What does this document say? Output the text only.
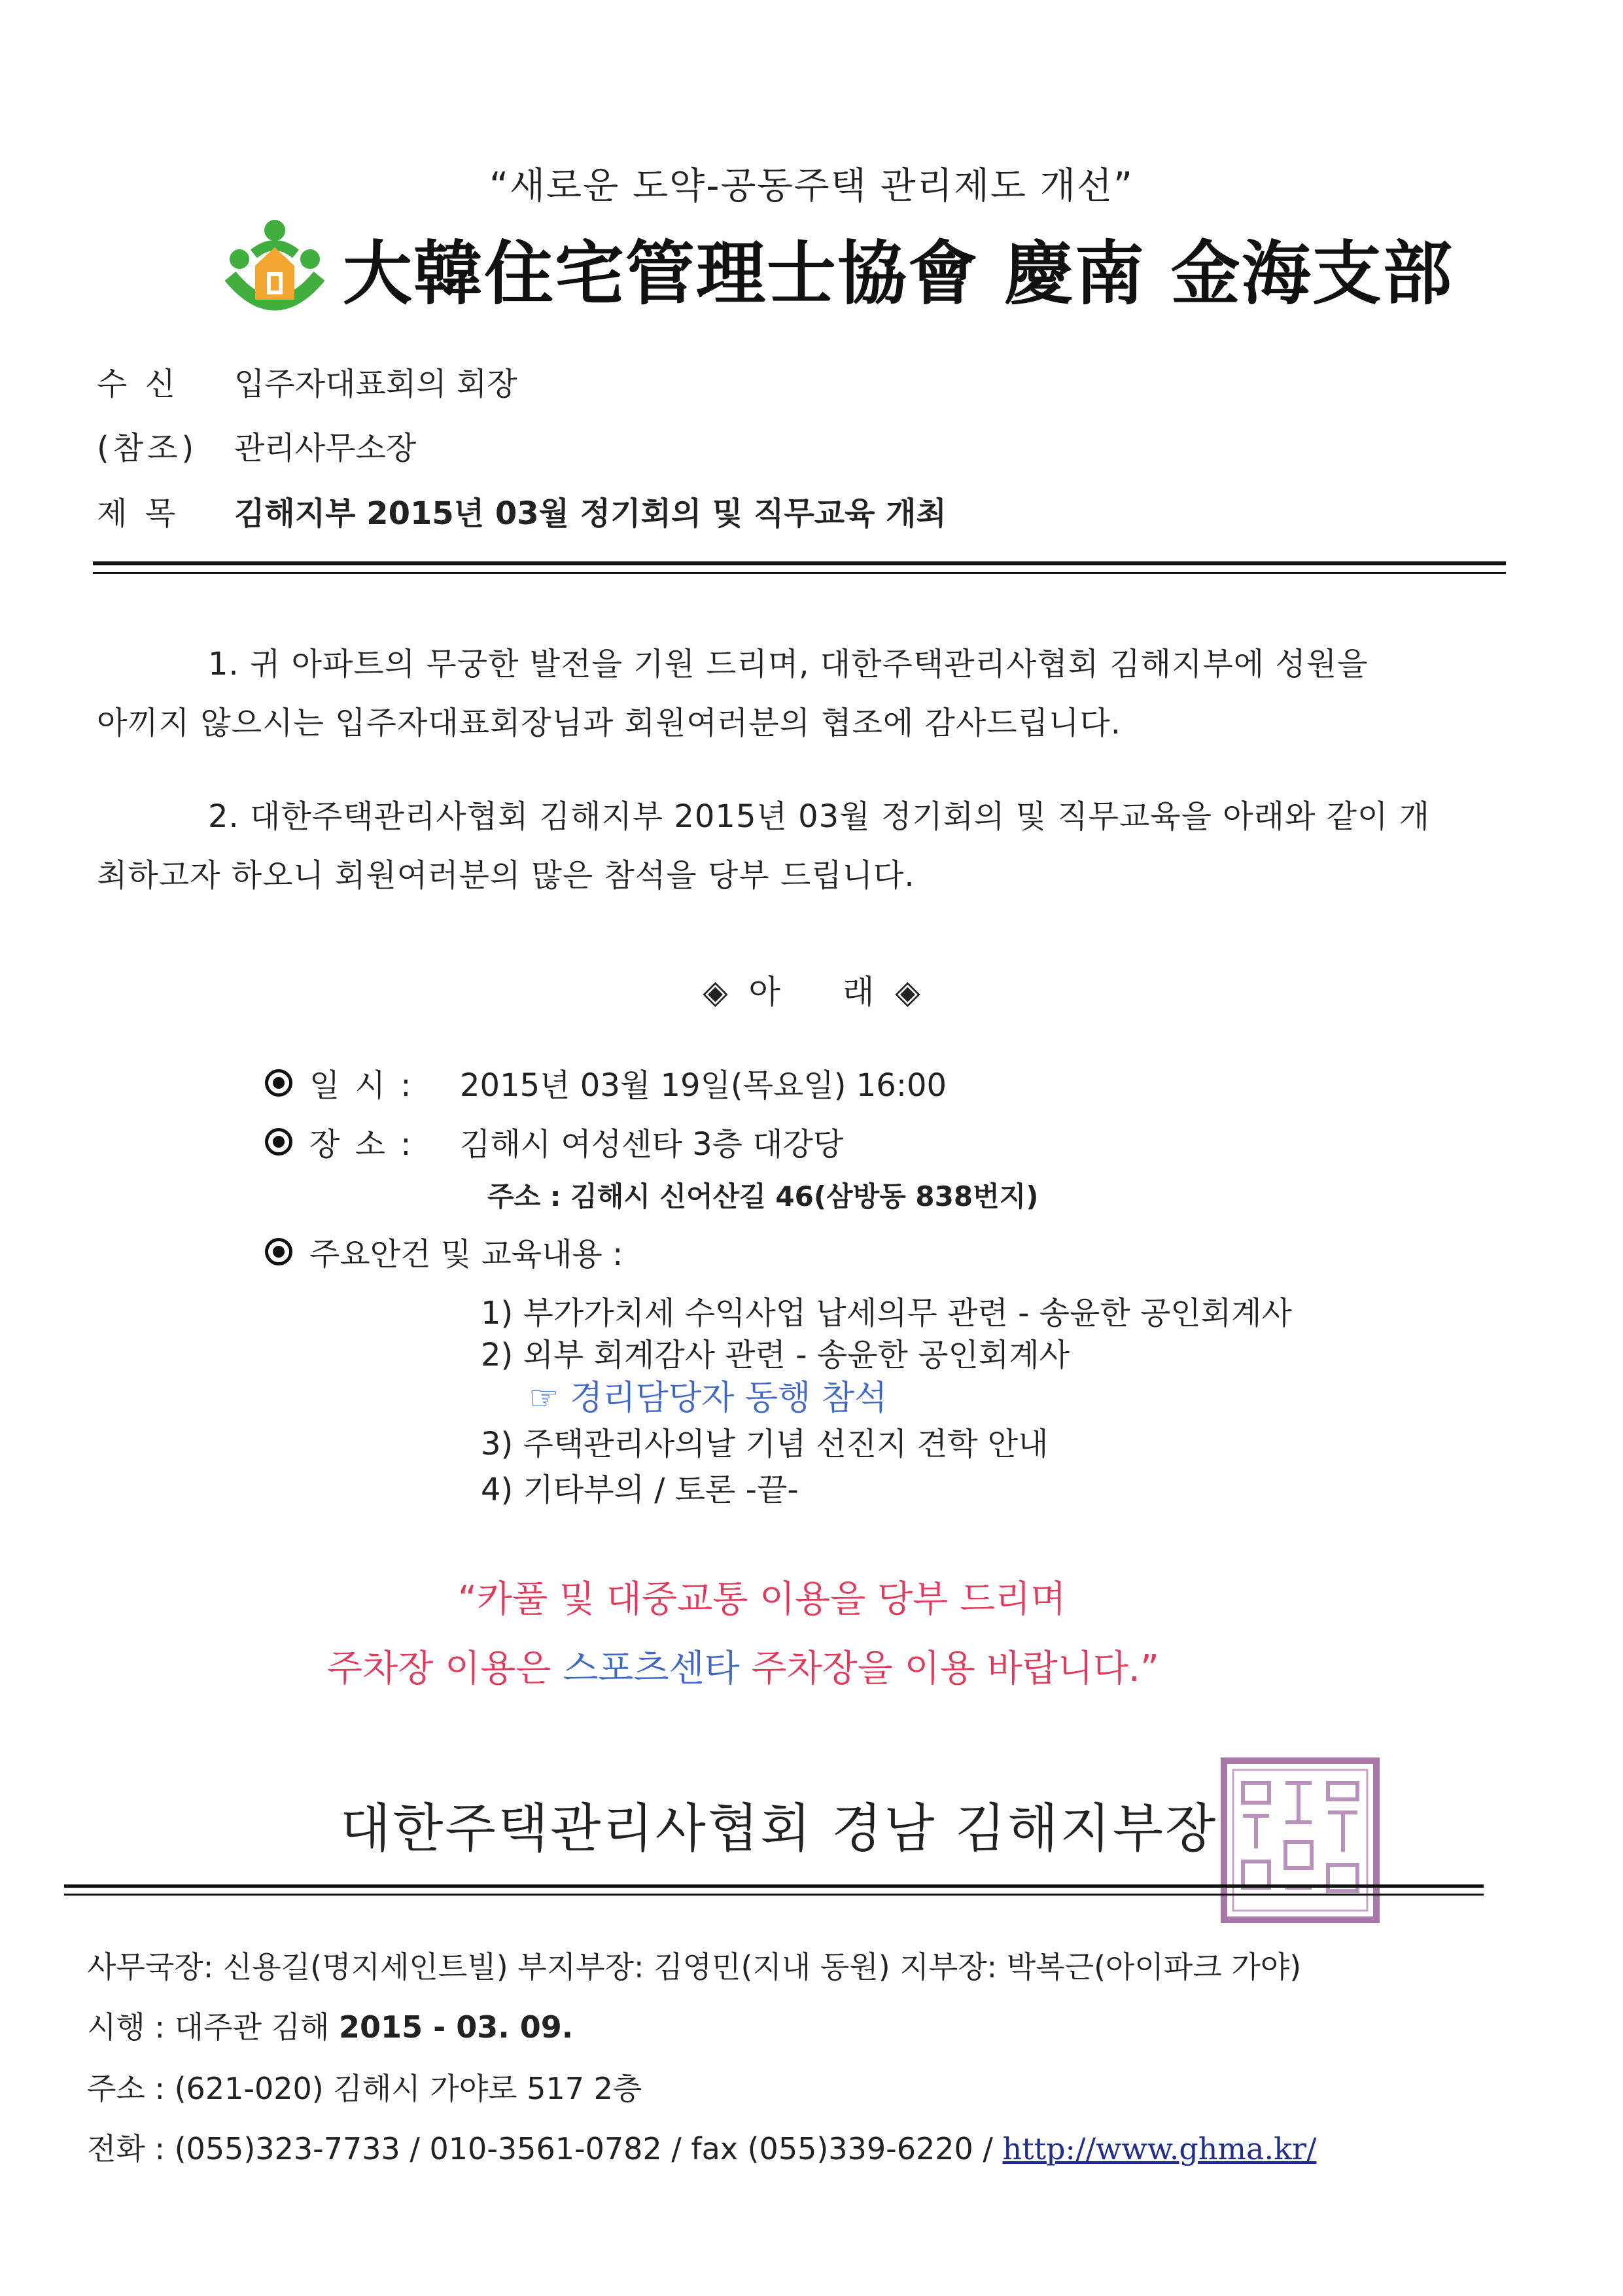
“새로운 도약-공동주택 관리제도 개선”
大韓住宅管理士協會 慶南 金海支部
수 신	입주자대표회의 회장
(참조)	관리사무소장
제 목	김해지부 2015년 03월 정기회의 및 직무교육 개최
1. 귀 아파트의 무궁한 발전을 기원 드리며, 대한주택관리사협회 김해지부에 성원을
아끼지 않으시는 입주자대표회장님과 회원여러분의 협조에 감사드립니다.
2. 대한주택관리사협회 김해지부 2015년 03월 정기회의 및 직무교육을 아래와 같이 개
최하고자 하오니 회원여러분의 많은 참석을 당부 드립니다.
◈  아      래  ◈
일 시 :	2015년 03월 19일(목요일) 16:00
장 소 :	김해시 여성센타 3층 대강당
주소 : 김해시 신어산길 46(삼방동 838번지)
주요안건 및 교육내용 :
1) 부가가치세 수익사업 납세의무 관련 - 송윤한 공인회계사
2) 외부 회계감사 관련 - 송윤한 공인회계사
☞ 경리담당자 동행 참석
3) 주택관리사의날 기념 선진지 견학 안내
4) 기타부의 / 토론 -끝-
“카풀 및 대중교통 이용을 당부 드리며
주차장 이용은 스포츠센타 주차장을 이용 바랍니다.”
대한주택관리사협회 경남 김해지부장
사무국장: 신용길(명지세인트빌) 부지부장: 김영민(지내 동원) 지부장: 박복근(아이파크 가야)
시행 : 대주관 김해 2015 - 03. 09.
주소 : (621-020) 김해시 가야로 517 2층
전화 : (055)323-7733 / 010-3561-0782 / fax (055)339-6220 / http://www.ghma.kr/
